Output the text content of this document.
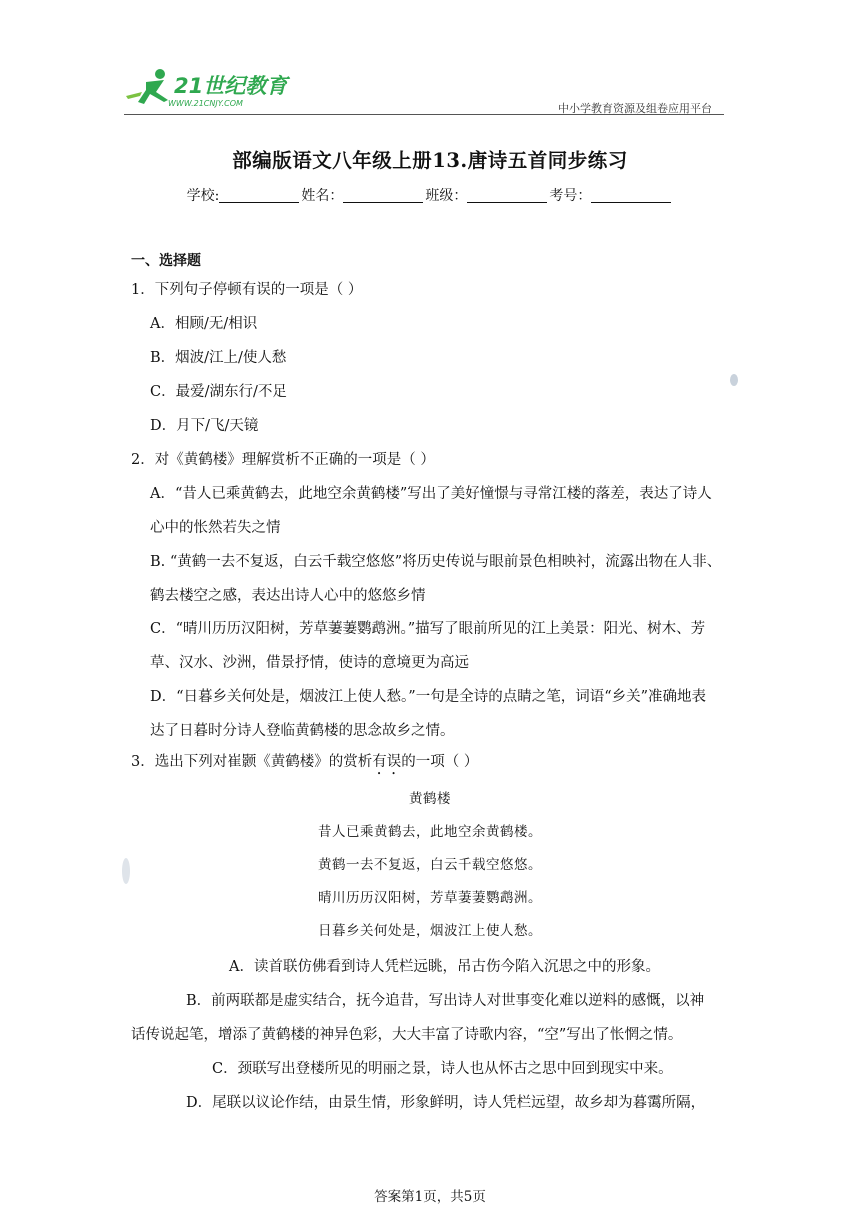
21世纪教育
WWW.21CNJY.COM	中小学教育资源及组卷应用平台
部编版语文八年级上册13.唐诗五首同步练习
学校:	姓名：	班级：	考号：
一、选择题
1．下列句子停顿有误的一项是（ ）
A．相顾/无/相识
B．烟波/江上/使人愁
C．最爱/湖东行/不足
D．月下/飞/天镜
2．对《黄鹤楼》理解赏析不正确的一项是（ ）
A．“昔人已乘黄鹤去，此地空余黄鹤楼”写出了美好憧憬与寻常江楼的落差，表达了诗人
心中的怅然若失之情
B. “黄鹤一去不复返，白云千载空悠悠”将历史传说与眼前景色相映衬，流露出物在人非、
鹤去楼空之感，表达出诗人心中的悠悠乡情
C．“晴川历历汉阳树，芳草萋萋鹦鹉洲。”描写了眼前所见的江上美景：阳光、树木、芳
草、汉水、沙洲，借景抒情，使诗的意境更为高远
D．“日暮乡关何处是，烟波江上使人愁。”一句是全诗的点睛之笔，词语“乡关”准确地表
达了日暮时分诗人登临黄鹤楼的思念故乡之情。
3．选出下列对崔颢《黄鹤楼》的赏析有误的一项（ ）
黄鹤楼
昔人已乘黄鹤去，此地空余黄鹤楼。
黄鹤一去不复返，白云千载空悠悠。
晴川历历汉阳树，芳草萋萋鹦鹉洲。
日暮乡关何处是，烟波江上使人愁。
A．读首联仿佛看到诗人凭栏远眺，吊古伤今陷入沉思之中的形象。
B．前两联都是虚实结合，抚今追昔，写出诗人对世事变化难以逆料的感慨，以神
话传说起笔，增添了黄鹤楼的神异色彩，大大丰富了诗歌内容，“空”写出了怅惘之情。
C．颈联写出登楼所见的明丽之景，诗人也从怀古之思中回到现实中来。
D．尾联以议论作结，由景生情，形象鲜明，诗人凭栏远望，故乡却为暮霭所隔，
答案第1页，共5页
